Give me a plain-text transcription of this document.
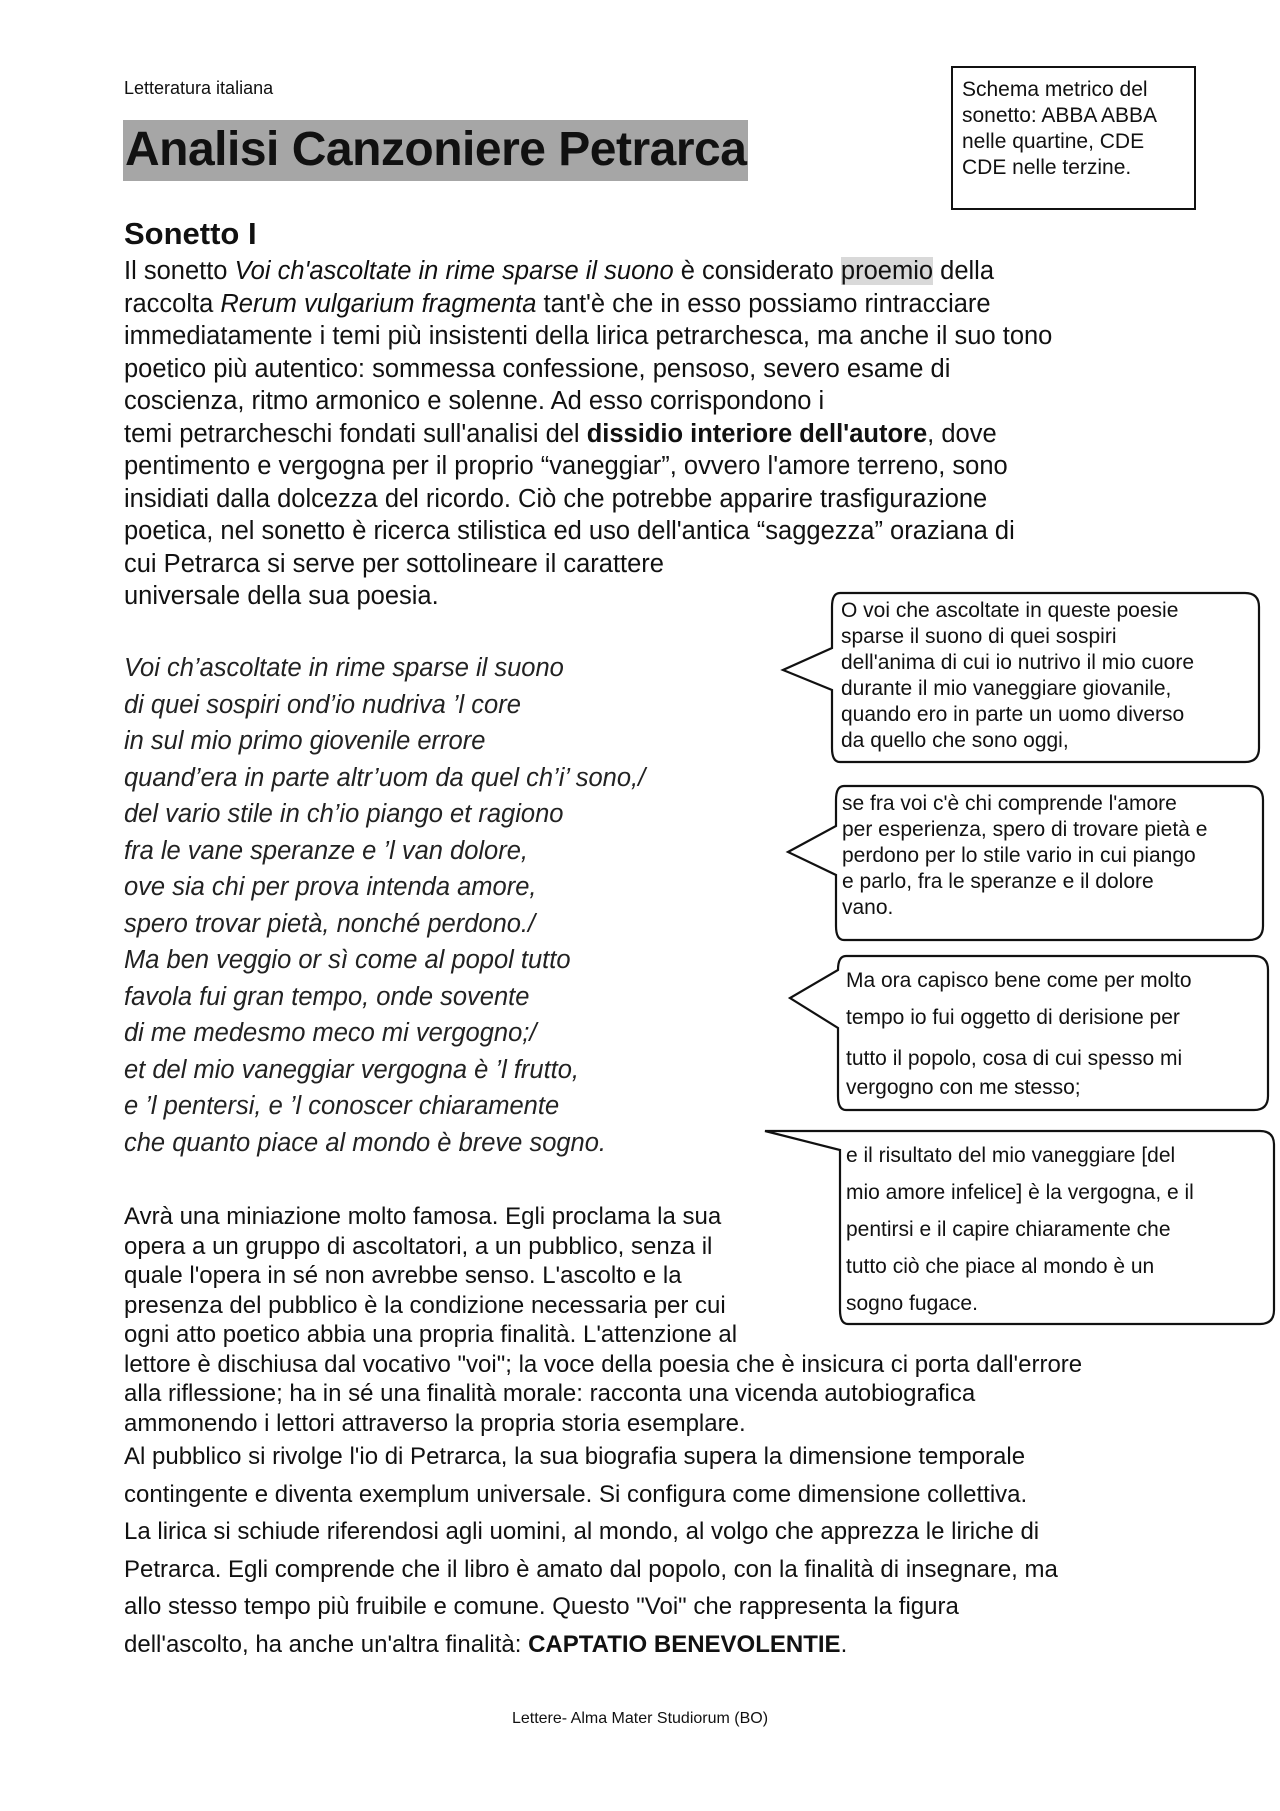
Letteratura italiana
Analisi Canzoniere Petrarca
Schema metrico del
sonetto: ABBA ABBA
nelle quartine, CDE
CDE nelle terzine.
Sonetto I
Il sonetto Voi ch'ascoltate in rime sparse il suono è considerato proemio della
raccolta Rerum vulgarium fragmenta tant'è che in esso possiamo rintracciare
immediatamente i temi più insistenti della lirica petrarchesca, ma anche il suo tono
poetico più autentico: sommessa confessione, pensoso, severo esame di
coscienza, ritmo armonico e solenne. Ad esso corrispondono i
temi petrarcheschi fondati sull'analisi del dissidio interiore dell'autore, dove
pentimento e vergogna per il proprio “vaneggiar”, ovvero l'amore terreno, sono
insidiati dalla dolcezza del ricordo. Ciò che potrebbe apparire trasfigurazione
poetica, nel sonetto è ricerca stilistica ed uso dell'antica “saggezza” oraziana di
cui Petrarca si serve per sottolineare il carattere
universale della sua poesia.
Voi ch’ascoltate in rime sparse il suono
di quei sospiri ond’io nudriva ’l core
in sul mio primo giovenile errore
quand’era in parte altr’uom da quel ch’i’ sono,/
del vario stile in ch’io piango et ragiono
fra le vane speranze e ’l van dolore,
ove sia chi per prova intenda amore,
spero trovar pietà, nonché perdono./
Ma ben veggio or sì come al popol tutto
favola fui gran tempo, onde sovente
di me medesmo meco mi vergogno;/
et del mio vaneggiar vergogna è ’l frutto,
e ’l pentersi, e ’l conoscer chiaramente
che quanto piace al mondo è breve sogno.
O voi che ascoltate in queste poesie
sparse il suono di quei sospiri
dell'anima di cui io nutrivo il mio cuore
durante il mio vaneggiare giovanile,
quando ero in parte un uomo diverso
da quello che sono oggi,
se fra voi c'è chi comprende l'amore
per esperienza, spero di trovare pietà e
perdono per lo stile vario in cui piango
e parlo, fra le speranze e il dolore
vano.
Ma ora capisco bene come per molto
tempo io fui oggetto di derisione per
tutto il popolo, cosa di cui spesso mi
vergogno con me stesso;
e il risultato del mio vaneggiare [del
mio amore infelice] è la vergogna, e il
pentirsi e il capire chiaramente che
tutto ciò che piace al mondo è un
sogno fugace.
Avrà una miniazione molto famosa. Egli proclama la sua
opera a un gruppo di ascoltatori, a un pubblico, senza il
quale l'opera in sé non avrebbe senso. L'ascolto e la
presenza del pubblico è la condizione necessaria per cui
ogni atto poetico abbia una propria finalità. L'attenzione al
lettore è dischiusa dal vocativo "voi"; la voce della poesia che è insicura ci porta dall'errore
alla riflessione; ha in sé una finalità morale: racconta una vicenda autobiografica
ammonendo i lettori attraverso la propria storia esemplare.
Al pubblico si rivolge l'io di Petrarca, la sua biografia supera la dimensione temporale
contingente e diventa exemplum universale. Si configura come dimensione collettiva.
La lirica si schiude riferendosi agli uomini, al mondo, al volgo che apprezza le liriche di
Petrarca. Egli comprende che il libro è amato dal popolo, con la finalità di insegnare, ma
allo stesso tempo più fruibile e comune. Questo "Voi" che rappresenta la figura
dell'ascolto, ha anche un'altra finalità: CAPTATIO BENEVOLENTIE.
Lettere- Alma Mater Studiorum (BO)
